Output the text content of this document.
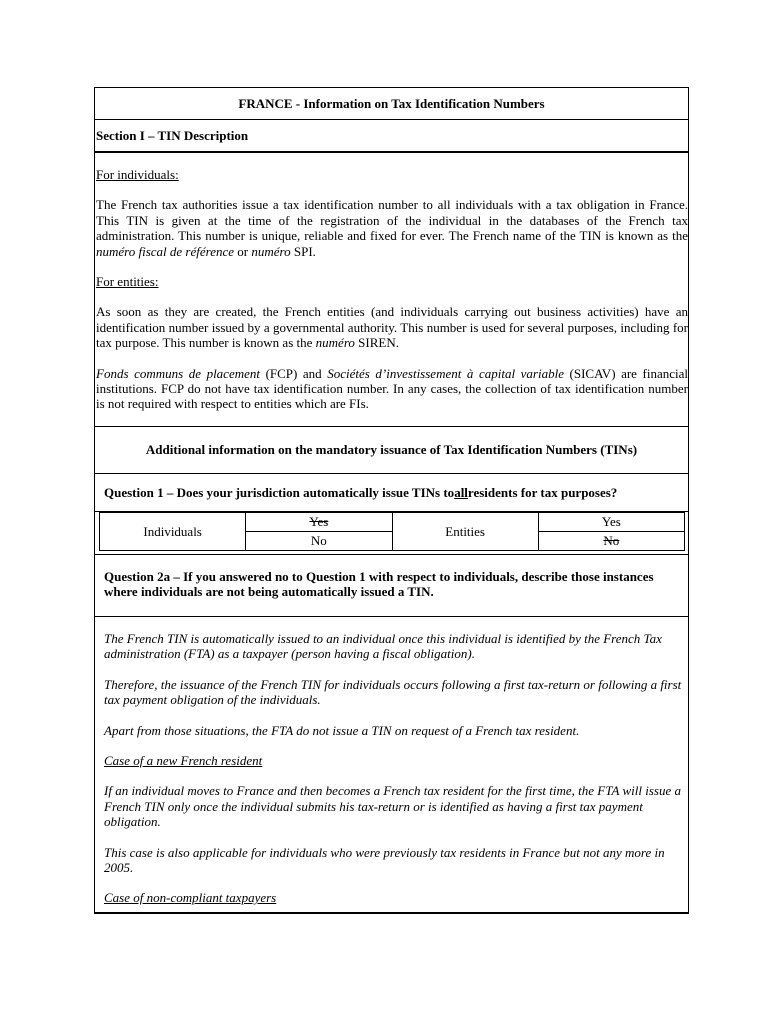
FRANCE - Information on Tax Identification Numbers
Section I – TIN Description

For individuals:

The French tax authorities issue a tax identification number to all individuals with a tax obligation in France. This TIN is given at the time of the registration of the individual in the databases of the French tax administration. This number is unique, reliable and fixed for ever. The French name of the TIN is known as the numéro fiscal de référence or numéro SPI.

For entities:

As soon as they are created, the French entities (and individuals carrying out business activities) have an identification number issued by a governmental authority. This number is used for several purposes, including for tax purpose. This number is known as the numéro SIREN.

Fonds communs de placement (FCP) and Sociétés d’investissement à capital variable (SICAV) are financial institutions. FCP do not have tax identification number. In any cases, the collection of tax identification number is not required with respect to entities which are FIs.

Additional information on the mandatory issuance of Tax Identification Numbers (TINs)
Question 1 – Does your jurisdiction automatically issue TINs to all residents for tax purposes?
Individuals	Yes	Entities	Yes
	No		No
Question 2a – If you answered no to Question 1 with respect to individuals, describe those instances where individuals are not being automatically issued a TIN.

The French TIN is automatically issued to an individual once this individual is identified by the French Tax administration (FTA) as a taxpayer (person having a fiscal obligation).

Therefore, the issuance of the French TIN for individuals occurs following a first tax-return or following a first tax payment obligation of the individuals.

Apart from those situations, the FTA do not issue a TIN on request of a French tax resident.

Case of a new French resident

If an individual moves to France and then becomes a French tax resident for the first time, the FTA will issue a French TIN only once the individual submits his tax-return or is identified as having a first tax payment obligation.

This case is also applicable for individuals who were previously tax residents in France but not any more in 2005.

Case of non-compliant taxpayers
